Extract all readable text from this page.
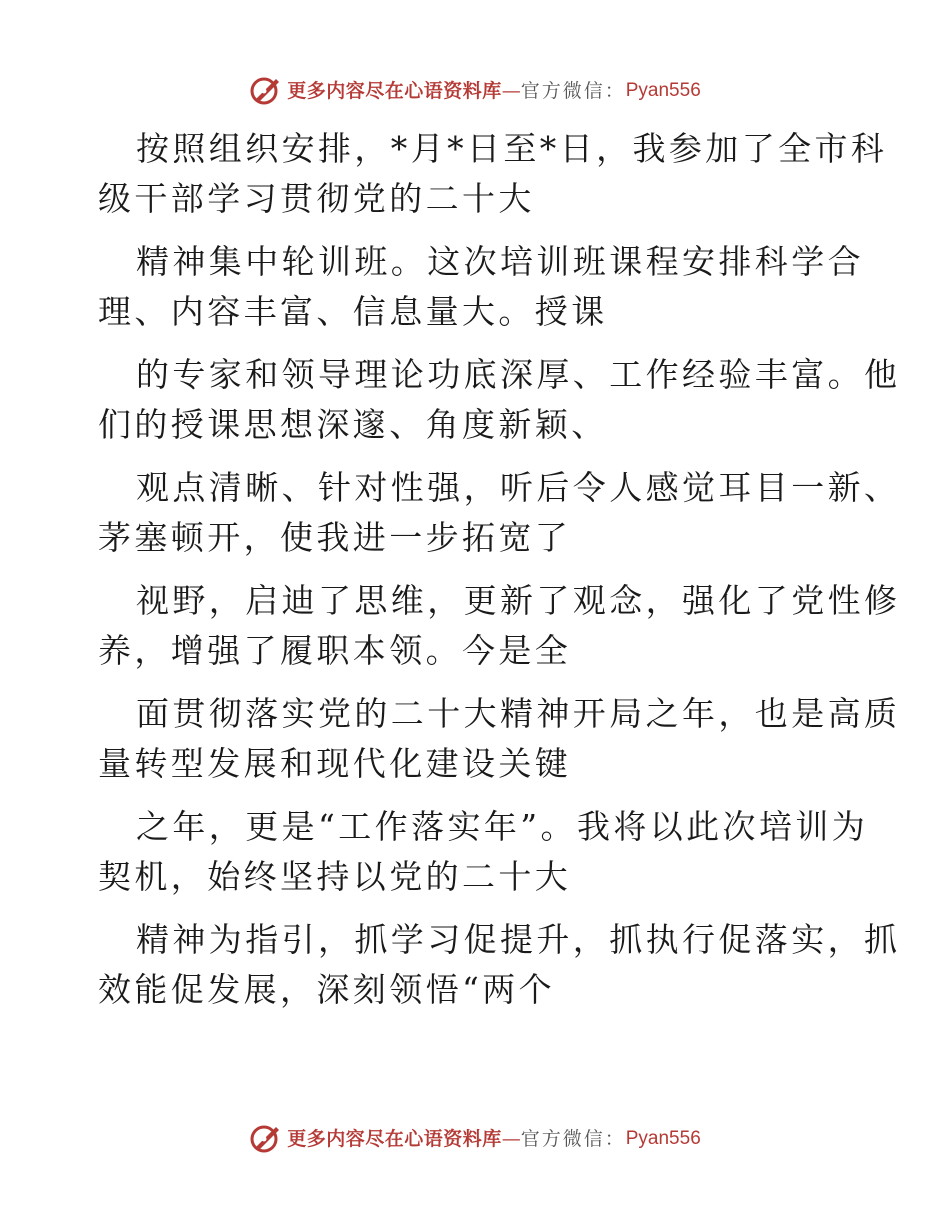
更多内容尽在心语资料库 — 官方微信： Pyan556
按照组织安排，*月*日至*日，我参加了全市科
级干部学习贯彻党的二十大
精神集中轮训班。这次培训班课程安排科学合
理、内容丰富、信息量大。授课
的专家和领导理论功底深厚、工作经验丰富。他
们的授课思想深邃、角度新颖、
观点清晰、针对性强，听后令人感觉耳目一新、
茅塞顿开，使我进一步拓宽了
视野，启迪了思维，更新了观念，强化了党性修
养，增强了履职本领。今是全
面贯彻落实党的二十大精神开局之年，也是高质
量转型发展和现代化建设关键
之年，更是“工作落实年”。我将以此次培训为
契机，始终坚持以党的二十大
精神为指引，抓学习促提升，抓执行促落实，抓
效能促发展，深刻领悟“两个
更多内容尽在心语资料库 — 官方微信： Pyan556
